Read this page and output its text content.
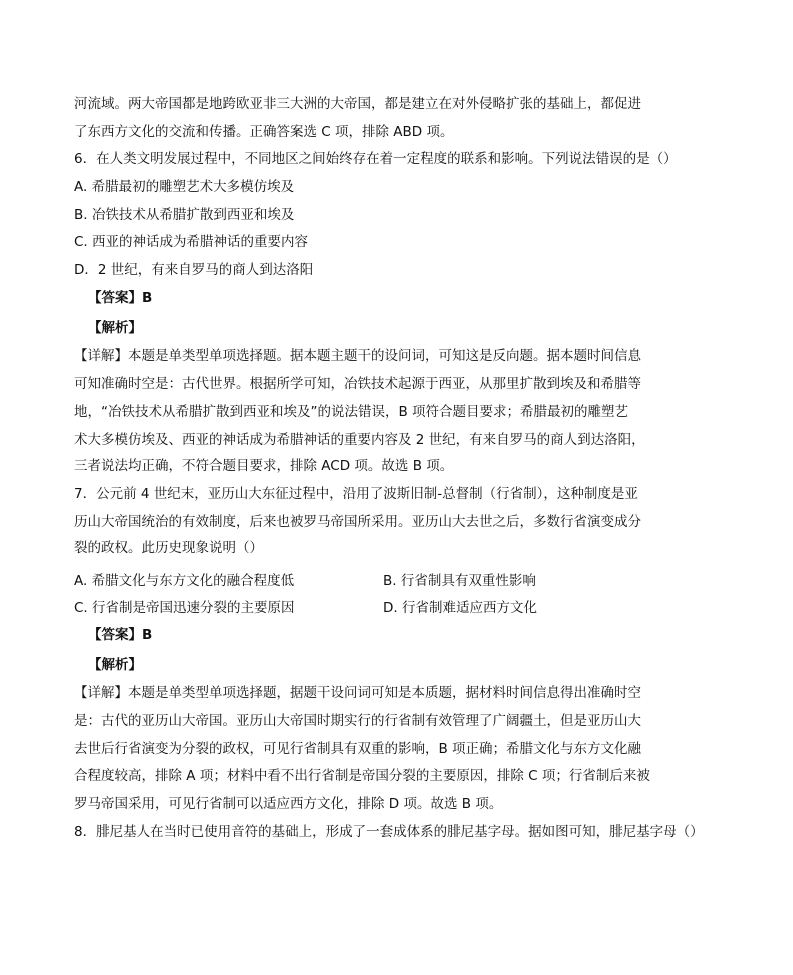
河流域。两大帝国都是地跨欧亚非三大洲的大帝国，都是建立在对外侵略扩张的基础上，都促进
了东西方文化的交流和传播。正确答案选 C 项，排除 ABD 项。
6．在人类文明发展过程中，不同地区之间始终存在着一定程度的联系和影响。下列说法错误的是（）
A. 希腊最初的雕塑艺术大多模仿埃及
B. 冶铁技术从希腊扩散到西亚和埃及
C. 西亚的神话成为希腊神话的重要内容
D．2 世纪，有来自罗马的商人到达洛阳
【答案】B
【解析】
【详解】本题是单类型单项选择题。据本题主题干的设问词，可知这是反向题。据本题时间信息
可知准确时空是：古代世界。根据所学可知，冶铁技术起源于西亚，从那里扩散到埃及和希腊等
地，“冶铁技术从希腊扩散到西亚和埃及”的说法错误，B 项符合题目要求；希腊最初的雕塑艺
术大多模仿埃及、西亚的神话成为希腊神话的重要内容及 2 世纪，有来自罗马的商人到达洛阳，
三者说法均正确，不符合题目要求，排除 ACD 项。故选 B 项。
7．公元前 4 世纪末，亚历山大东征过程中，沿用了波斯旧制-总督制（行省制），这种制度是亚
历山大帝国统治的有效制度，后来也被罗马帝国所采用。亚历山大去世之后，多数行省演变成分
裂的政权。此历史现象说明（）
A. 希腊文化与东方文化的融合程度低	B. 行省制具有双重性影响
C. 行省制是帝国迅速分裂的主要原因	D. 行省制难适应西方文化
【答案】B
【解析】
【详解】本题是单类型单项选择题，据题干设问词可知是本质题，据材料时间信息得出准确时空
是：古代的亚历山大帝国。亚历山大帝国时期实行的行省制有效管理了广阔疆土，但是亚历山大
去世后行省演变为分裂的政权，可见行省制具有双重的影响，B 项正确；希腊文化与东方文化融
合程度较高，排除 A 项；材料中看不出行省制是帝国分裂的主要原因，排除 C 项；行省制后来被
罗马帝国采用，可见行省制可以适应西方文化，排除 D 项。故选 B 项。
8．腓尼基人在当时已使用音符的基础上，形成了一套成体系的腓尼基字母。据如图可知，腓尼基字母（）
